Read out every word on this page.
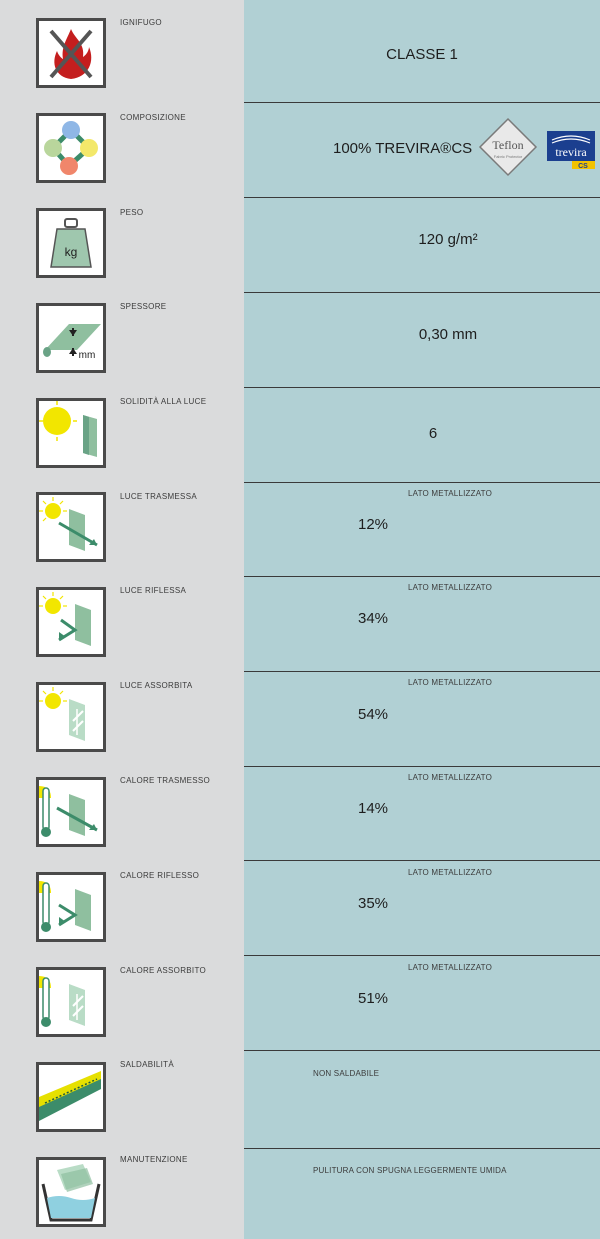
IGNIFUGO
CLASSE 1
COMPOSIZIONE
100% TREVIRA®CS Teflon
Fabric Protector	trevira
CS
kg
PESO
120 g/m²
mm
SPESSORE
0,30 mm
SOLIDITÀ ALLA LUCE
6
LUCE TRASMESSA	LATO METALLIZZATO
12%
LUCE RIFLESSA	LATO METALLIZZATO
34%
LUCE ASSORBITA	LATO METALLIZZATO
54%
CALORE TRASMESSO	LATO METALLIZZATO
14%
CALORE RIFLESSO	LATO METALLIZZATO
35%
CALORE ASSORBITO	LATO METALLIZZATO
51%
SALDABILITÀ
NON SALDABILE
MANUTENZIONE
PULITURA CON SPUGNA LEGGERMENTE UMIDA
